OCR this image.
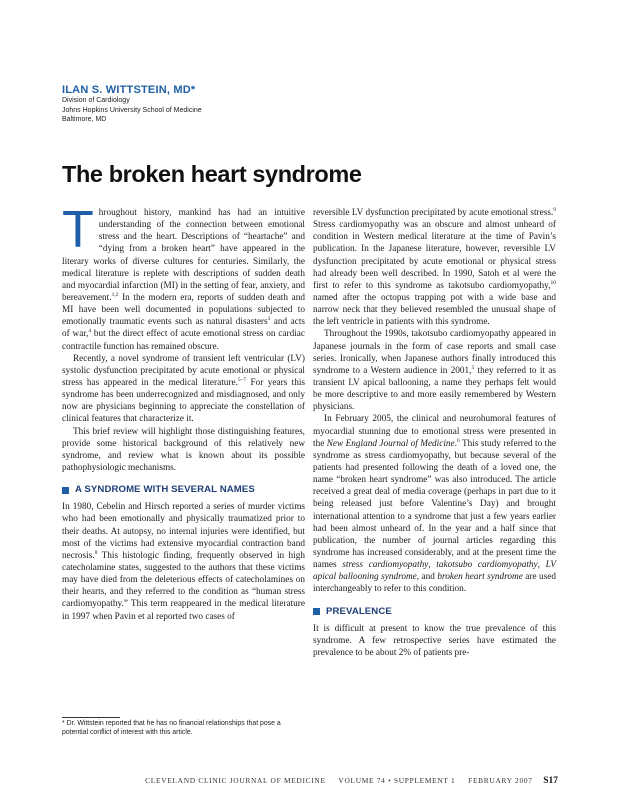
ILAN S. WITTSTEIN, MD*
Division of Cardiology
Johns Hopkins University School of Medicine
Baltimore, MD
The broken heart syndrome

Throughout history, mankind has had an intuitive understanding of the connection between emotional stress and the heart. Descriptions of “heartache” and “dying from a broken heart” have appeared in the literary works of diverse cultures for centuries. Similarly, the medical literature is replete with descriptions of sudden death and myocardial infarction (MI) in the setting of fear, anxiety, and bereavement.$^{1,2}$ In the modern era, reports of sudden death and MI have been well documented in populations subjected to emotionally traumatic events such as natural disasters$^3$ and acts of war,$^4$ but the direct effect of acute emotional stress on cardiac contractile function has remained obscure.

Recently, a novel syndrome of transient left ventricular (LV) systolic dysfunction precipitated by acute emotional or physical stress has appeared in the medical literature.$^{5-7}$ For years this syndrome has been underrecognized and misdiagnosed, and only now are physicians beginning to appreciate the constellation of clinical features that characterize it.

This brief review will highlight those distinguishing features, provide some historical background of this relatively new syndrome, and review what is known about its possible pathophysiologic mechanisms.

A SYNDROME WITH SEVERAL NAMES

In 1980, Cebelin and Hirsch reported a series of murder victims who had been emotionally and physically traumatized prior to their deaths. At autopsy, no internal injuries were identified, but most of the victims had extensive myocardial contraction band necrosis.$^8$ This histologic finding, frequently observed in high catecholamine states, suggested to the authors that these victims may have died from the deleterious effects of catecholamines on their hearts, and they referred to the condition as “human stress cardiomyopathy.” This term reappeared in the medical literature in 1997 when Pavin et al reported two cases of

reversible LV dysfunction precipitated by acute emotional stress.$^9$ Stress cardiomyopathy was an obscure and almost unheard of condition in Western medical literature at the time of Pavin’s publication. In the Japanese literature, however, reversible LV dysfunction precipitated by acute emotional or physical stress had already been well described. In 1990, Satoh et al were the first to refer to this syndrome as takotsubo cardiomyopathy,$^{10}$ named after the octopus trapping pot with a wide base and narrow neck that they believed resembled the unusual shape of the left ventricle in patients with this syndrome.

Throughout the 1990s, takotsubo cardiomyopathy appeared in Japanese journals in the form of case reports and small case series. Ironically, when Japanese authors finally introduced this syndrome to a Western audience in 2001,$^5$ they referred to it as transient LV apical ballooning, a name they perhaps felt would be more descriptive to and more easily remembered by Western physicians.

In February 2005, the clinical and neurohumoral features of myocardial stunning due to emotional stress were presented in the New England Journal of Medicine.$^6$ This study referred to the syndrome as stress cardiomyopathy, but because several of the patients had presented following the death of a loved one, the name “broken heart syndrome” was also introduced. The article received a great deal of media coverage (perhaps in part due to it being released just before Valentine’s Day) and brought international attention to a syndrome that just a few years earlier had been almost unheard of. In the year and a half since that publication, the number of journal articles regarding this syndrome has increased considerably, and at the present time the names stress cardiomyopathy, takotsubo cardiomyopathy, LV apical ballooning syndrome, and broken heart syndrome are used interchangeably to refer to this condition.

PREVALENCE

It is difficult at present to know the true prevalence of this syndrome. A few retrospective series have estimated the prevalence to be about 2% of patients pre-

* Dr. Wittstein reported that he has no financial relationships that pose a potential conflict of interest with this article.
CLEVELAND CLINIC JOURNAL OF MEDICINE VOLUME 74 • SUPPLEMENT 1 FEBRUARY 2007 S17
